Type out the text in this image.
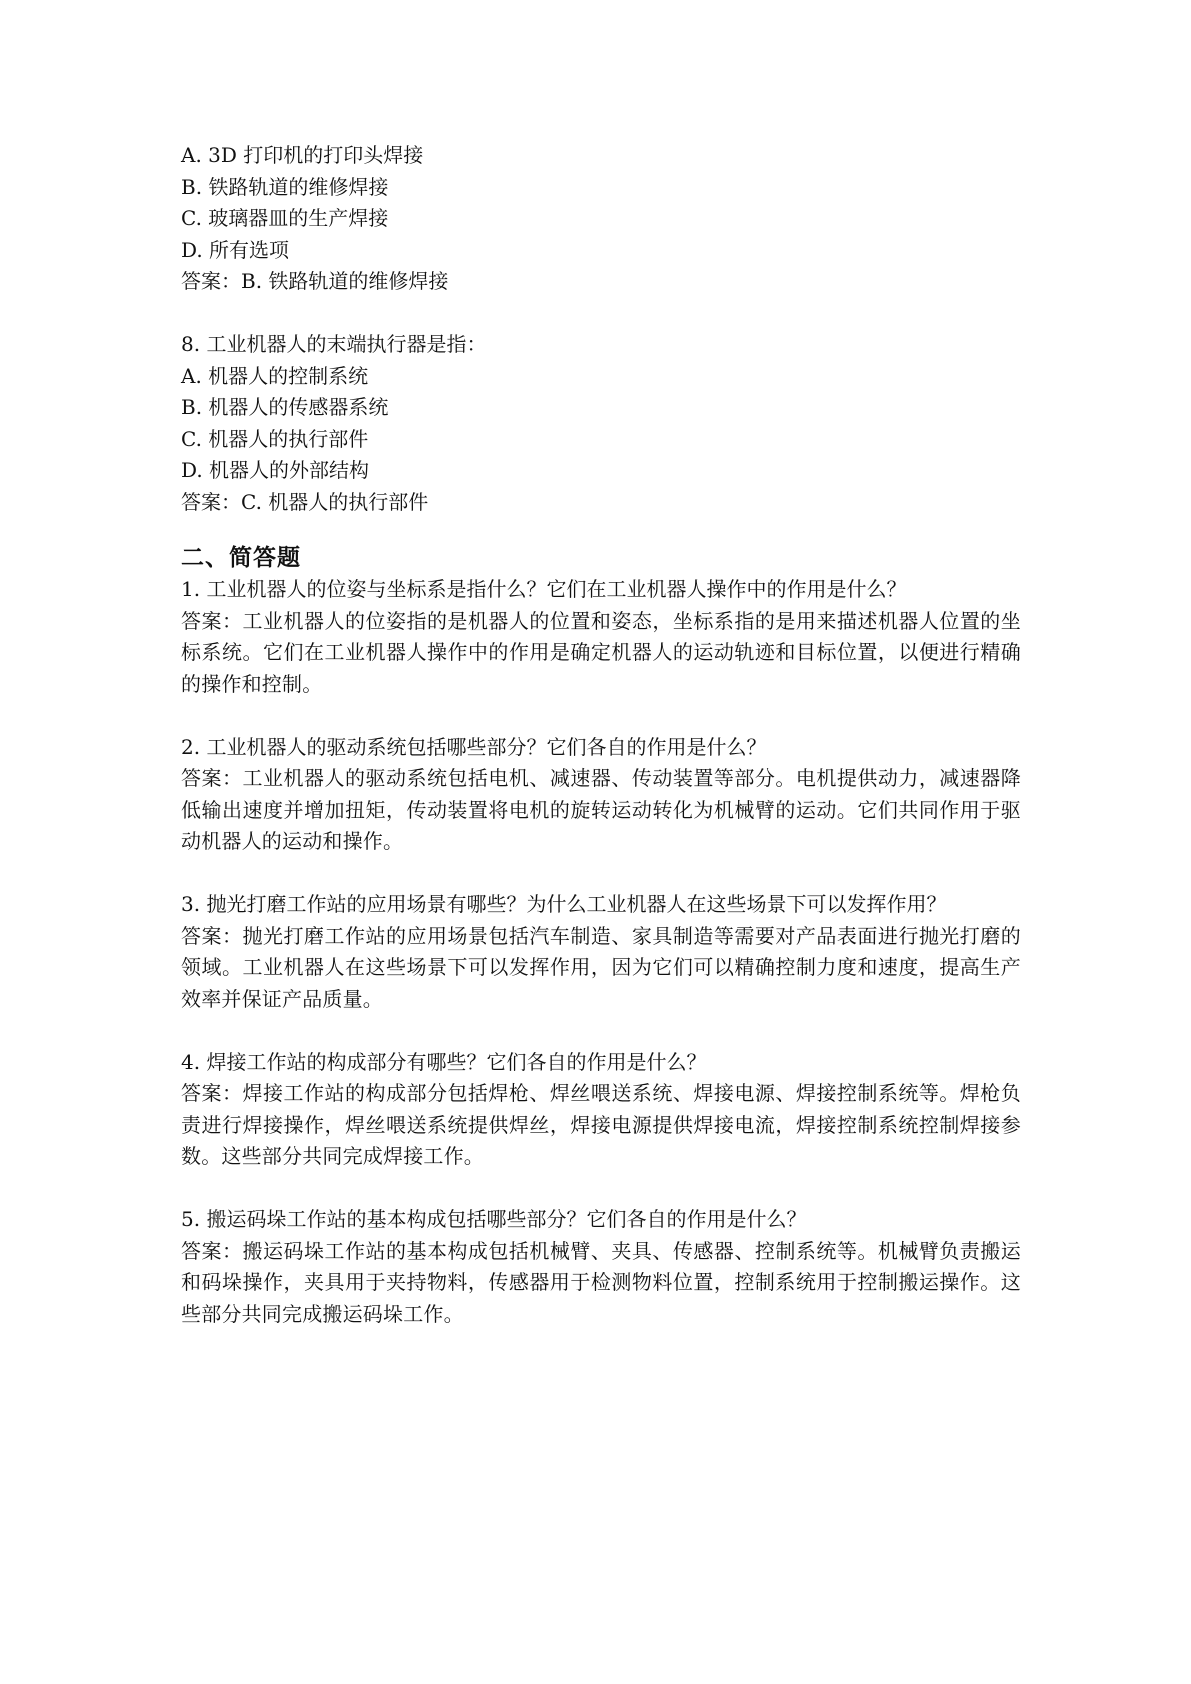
A. 3D 打印机的打印头焊接
B. 铁路轨道的维修焊接
C. 玻璃器皿的生产焊接
D. 所有选项
答案：B. 铁路轨道的维修焊接
8. 工业机器人的末端执行器是指：
A. 机器人的控制系统
B. 机器人的传感器系统
C. 机器人的执行部件
D. 机器人的外部结构
答案：C. 机器人的执行部件
二、简答题
1. 工业机器人的位姿与坐标系是指什么？它们在工业机器人操作中的作用是什么？
答案：工业机器人的位姿指的是机器人的位置和姿态，坐标系指的是用来描述机器人位置的坐标系统。它们在工业机器人操作中的作用是确定机器人的运动轨迹和目标位置，以便进行精确的操作和控制。
2. 工业机器人的驱动系统包括哪些部分？它们各自的作用是什么？
答案：工业机器人的驱动系统包括电机、减速器、传动装置等部分。电机提供动力，减速器降低输出速度并增加扭矩，传动装置将电机的旋转运动转化为机械臂的运动。它们共同作用于驱动机器人的运动和操作。
3. 抛光打磨工作站的应用场景有哪些？为什么工业机器人在这些场景下可以发挥作用？
答案：抛光打磨工作站的应用场景包括汽车制造、家具制造等需要对产品表面进行抛光打磨的领域。工业机器人在这些场景下可以发挥作用，因为它们可以精确控制力度和速度，提高生产效率并保证产品质量。
4. 焊接工作站的构成部分有哪些？它们各自的作用是什么？
答案：焊接工作站的构成部分包括焊枪、焊丝喂送系统、焊接电源、焊接控制系统等。焊枪负责进行焊接操作，焊丝喂送系统提供焊丝，焊接电源提供焊接电流，焊接控制系统控制焊接参数。这些部分共同完成焊接工作。
5. 搬运码垛工作站的基本构成包括哪些部分？它们各自的作用是什么？
答案：搬运码垛工作站的基本构成包括机械臂、夹具、传感器、控制系统等。机械臂负责搬运和码垛操作，夹具用于夹持物料，传感器用于检测物料位置，控制系统用于控制搬运操作。这些部分共同完成搬运码垛工作。
